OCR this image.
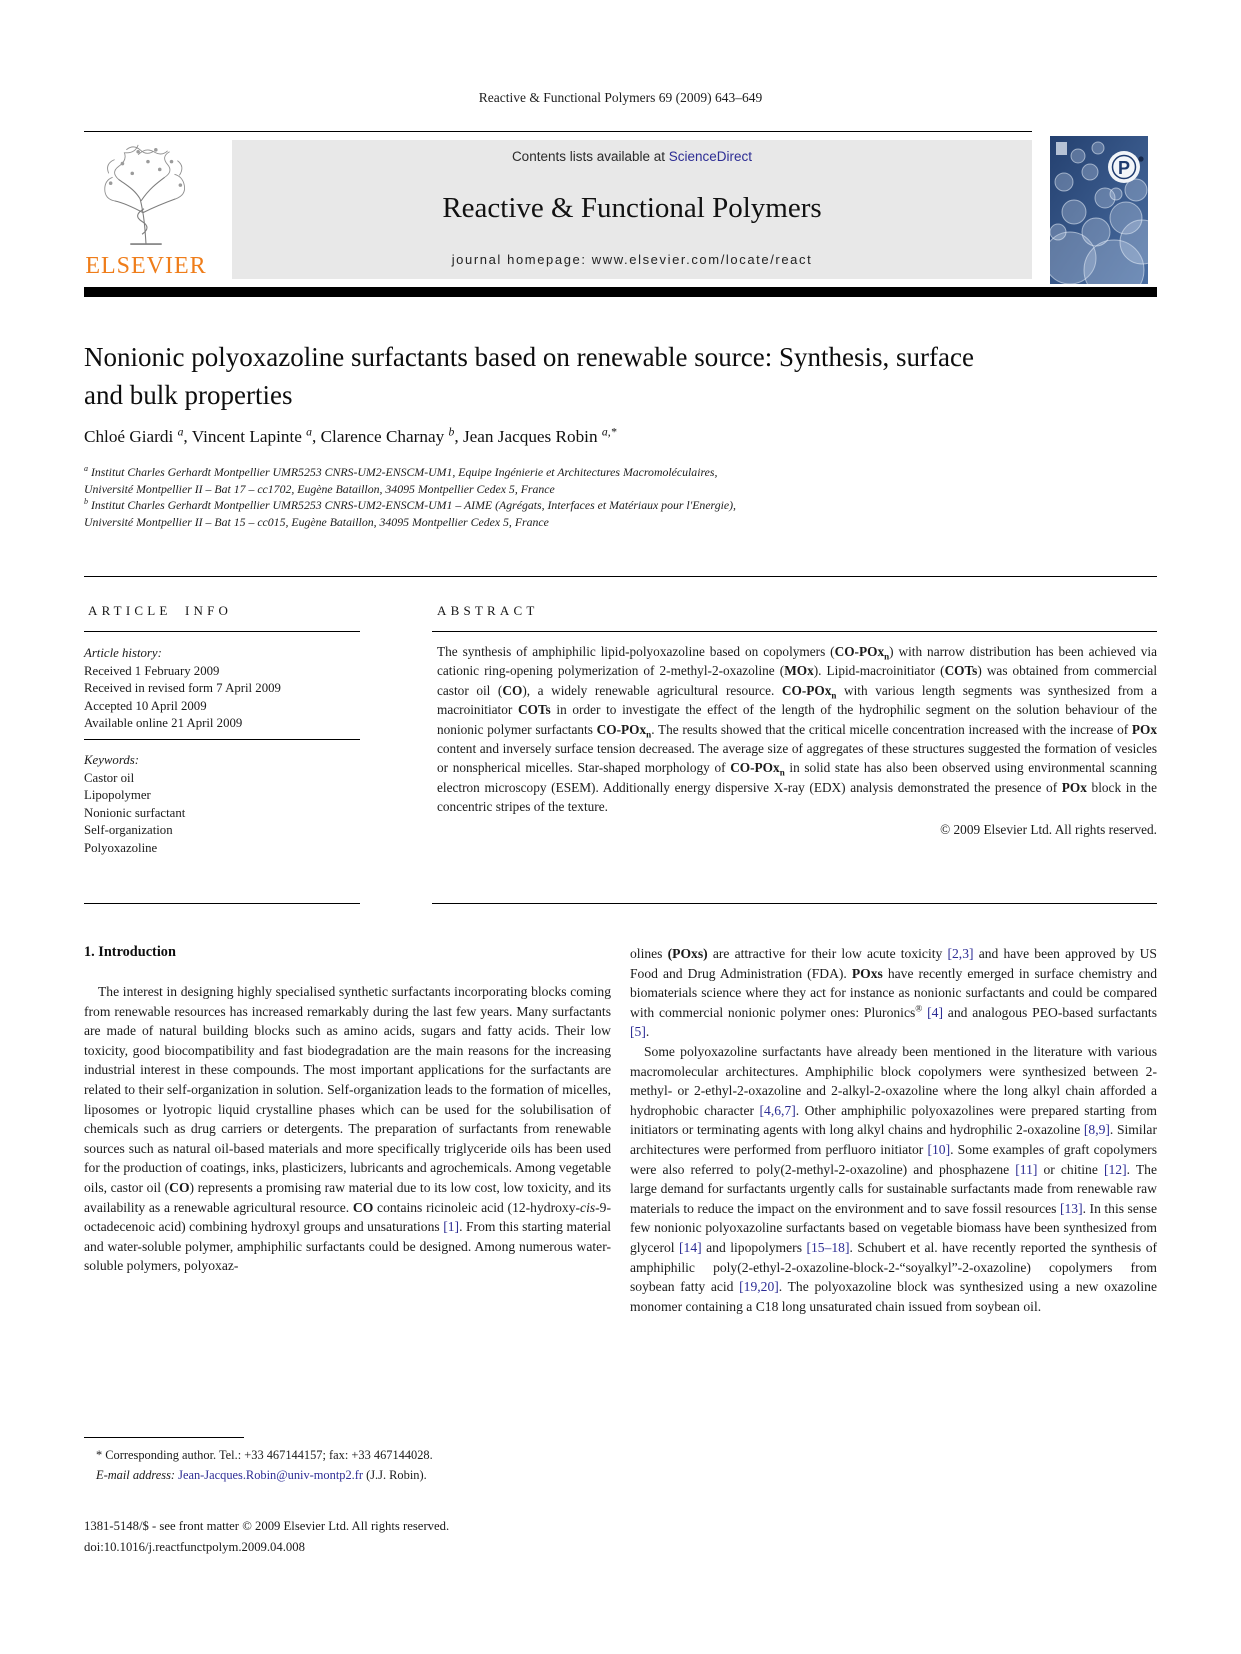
Reactive & Functional Polymers 69 (2009) 643–649
ELSEVIER
Contents lists available at ScienceDirect
Reactive & Functional Polymers
journal homepage: www.elsevier.com/locate/react
P
Nonionic polyoxazoline surfactants based on renewable source: Synthesis, surface and bulk properties
Chloé Giardi $^a$, Vincent Lapinte $^a$, Clarence Charnay $^b$, Jean Jacques Robin $^{a,*}$
$^a$ Institut Charles Gerhardt Montpellier UMR5253 CNRS-UM2-ENSCM-UM1, Equipe Ingénierie et Architectures Macromoléculaires,
Université Montpellier II – Bat 17 – cc1702, Eugène Bataillon, 34095 Montpellier Cedex 5, France
$^b$ Institut Charles Gerhardt Montpellier UMR5253 CNRS-UM2-ENSCM-UM1 – AIME (Agrégats, Interfaces et Matériaux pour l'Energie),
Université Montpellier II – Bat 15 – cc015, Eugène Bataillon, 34095 Montpellier Cedex 5, France
ARTICLE INFO	ABSTRACT
Article history:
Received 1 February 2009
Received in revised form 7 April 2009
Accepted 10 April 2009
Available online 21 April 2009
Keywords:
Castor oil
Lipopolymer
Nonionic surfactant
Self-organization
Polyoxazoline
The synthesis of amphiphilic lipid-polyoxazoline based on copolymers (CO-POx$_n$) with narrow distribution has been achieved via cationic ring-opening polymerization of 2-methyl-2-oxazoline (MOx). Lipid-macroinitiator (COTs) was obtained from commercial castor oil (CO), a widely renewable agricultural resource. CO-POx$_n$ with various length segments was synthesized from a macroinitiator COTs in order to investigate the effect of the length of the hydrophilic segment on the solution behaviour of the nonionic polymer surfactants CO-POx$_n$. The results showed that the critical micelle concentration increased with the increase of POx content and inversely surface tension decreased. The average size of aggregates of these structures suggested the formation of vesicles or nonspherical micelles. Star-shaped morphology of CO-POx$_n$ in solid state has also been observed using environmental scanning electron microscopy (ESEM). Additionally energy dispersive X-ray (EDX) analysis demonstrated the presence of POx block in the concentric stripes of the texture.
© 2009 Elsevier Ltd. All rights reserved.
1. Introduction

The interest in designing highly specialised synthetic surfactants incorporating blocks coming from renewable resources has increased remarkably during the last few years. Many surfactants are made of natural building blocks such as amino acids, sugars and fatty acids. Their low toxicity, good biocompatibility and fast biodegradation are the main reasons for the increasing industrial interest in these compounds. The most important applications for the surfactants are related to their self-organization in solution. Self-organization leads to the formation of micelles, liposomes or lyotropic liquid crystalline phases which can be used for the solubilisation of chemicals such as drug carriers or detergents. The preparation of surfactants from renewable sources such as natural oil-based materials and more specifically triglyceride oils has been used for the production of coatings, inks, plasticizers, lubricants and agrochemicals. Among vegetable oils, castor oil (CO) represents a promising raw material due to its low cost, low toxicity, and its availability as a renewable agricultural resource. CO contains ricinoleic acid (12-hydroxy-cis-9-octadecenoic acid) combining hydroxyl groups and unsaturations [1]. From this starting material and water-soluble polymer, amphiphilic surfactants could be designed. Among numerous water-soluble polymers, polyoxaz-

olines (POxs) are attractive for their low acute toxicity [2,3] and have been approved by US Food and Drug Administration (FDA). POxs have recently emerged in surface chemistry and biomaterials science where they act for instance as nonionic surfactants and could be compared with commercial nonionic polymer ones: Pluronics® [4] and analogous PEO-based surfactants [5].

Some polyoxazoline surfactants have already been mentioned in the literature with various macromolecular architectures. Amphiphilic block copolymers were synthesized between 2-methyl- or 2-ethyl-2-oxazoline and 2-alkyl-2-oxazoline where the long alkyl chain afforded a hydrophobic character [4,6,7]. Other amphiphilic polyoxazolines were prepared starting from initiators or terminating agents with long alkyl chains and hydrophilic 2-oxazoline [8,9]. Similar architectures were performed from perfluoro initiator [10]. Some examples of graft copolymers were also referred to poly(2-methyl-2-oxazoline) and phosphazene [11] or chitine [12]. The large demand for surfactants urgently calls for sustainable surfactants made from renewable raw materials to reduce the impact on the environment and to save fossil resources [13]. In this sense few nonionic polyoxazoline surfactants based on vegetable biomass have been synthesized from glycerol [14] and lipopolymers [15–18]. Schubert et al. have recently reported the synthesis of amphiphilic poly(2-ethyl-2-oxazoline-block-2-“soyalkyl”-2-oxazoline) copolymers from soybean fatty acid [19,20]. The polyoxazoline block was synthesized using a new oxazoline monomer containing a C18 long unsaturated chain issued from soybean oil.

* Corresponding author. Tel.: +33 467144157; fax: +33 467144028.
E-mail address: Jean-Jacques.Robin@univ-montp2.fr (J.J. Robin).
1381-5148/$ - see front matter © 2009 Elsevier Ltd. All rights reserved.
doi:10.1016/j.reactfunctpolym.2009.04.008
